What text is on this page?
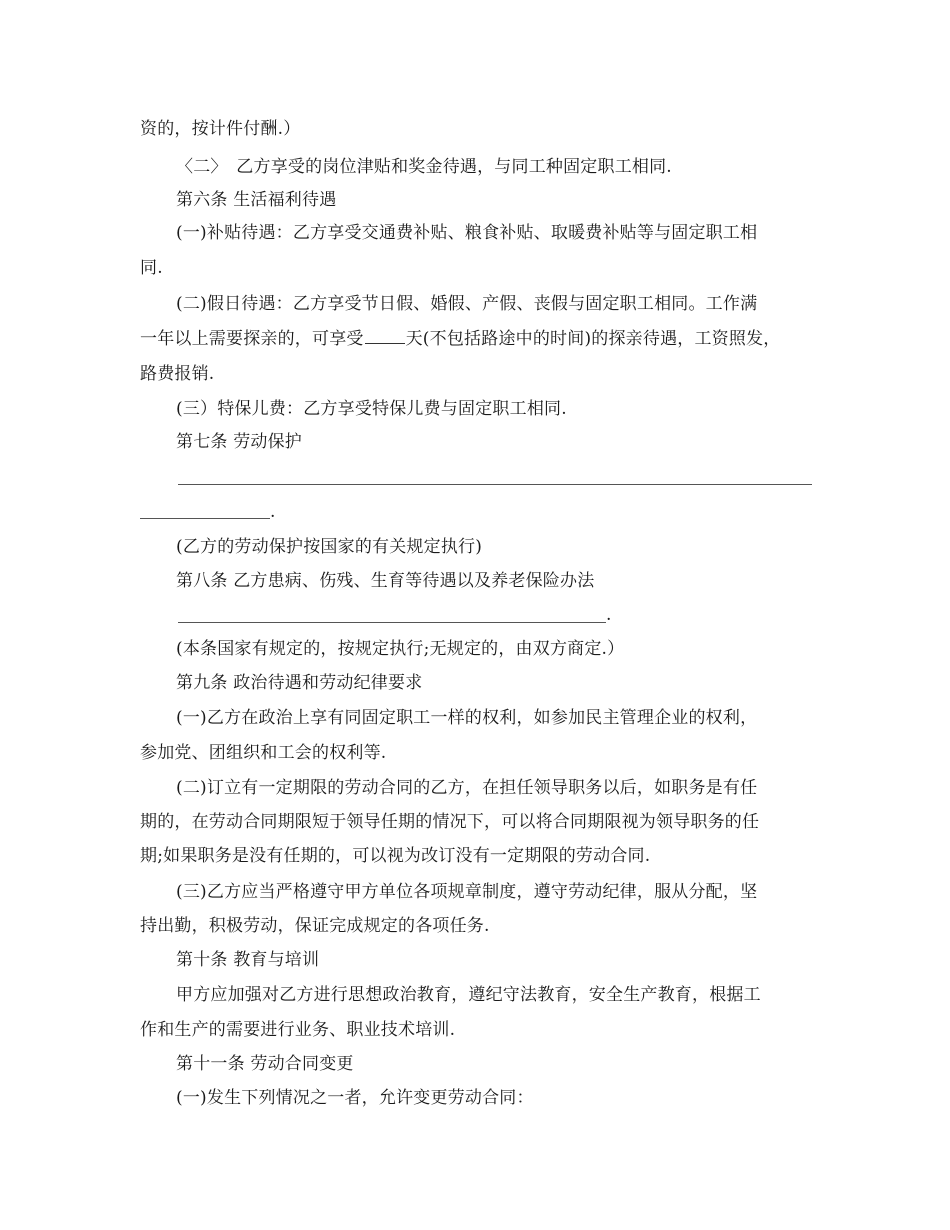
资的，按计件付酬.）
〈二〉　乙方享受的岗位津贴和奖金待遇，与同工种固定职工相同.
第六条 生活福利待遇
(一)补贴待遇：乙方享受交通费补贴、粮食补贴、取暖费补贴等与固定职工相
同.
(二)假日待遇：乙方享受节日假、婚假、产假、丧假与固定职工相同。工作满
一年以上需要探亲的，可享受 天(不包括路途中的时间)的探亲待遇，工资照发，
路费报销.
(三）特保儿费：乙方享受特保儿费与固定职工相同.
第七条 劳动保护
.
(乙方的劳动保护按国家的有关规定执行)
第八条 乙方患病、伤残、生育等待遇以及养老保险办法
.
(本条国家有规定的，按规定执行;无规定的，由双方商定.）
第九条 政治待遇和劳动纪律要求
(一)乙方在政治上享有同固定职工一样的权利，如参加民主管理企业的权利，
参加党、团组织和工会的权利等.
(二)订立有一定期限的劳动合同的乙方，在担任领导职务以后，如职务是有任
期的，在劳动合同期限短于领导任期的情况下，可以将合同期限视为领导职务的任
期;如果职务是没有任期的，可以视为改订没有一定期限的劳动合同.
(三)乙方应当严格遵守甲方单位各项规章制度，遵守劳动纪律，服从分配，坚
持出勤，积极劳动，保证完成规定的各项任务.
第十条 教育与培训
甲方应加强对乙方进行思想政治教育，遵纪守法教育，安全生产教育，根据工
作和生产的需要进行业务、职业技术培训.
第十一条 劳动合同变更
(一)发生下列情况之一者，允许变更劳动合同：
